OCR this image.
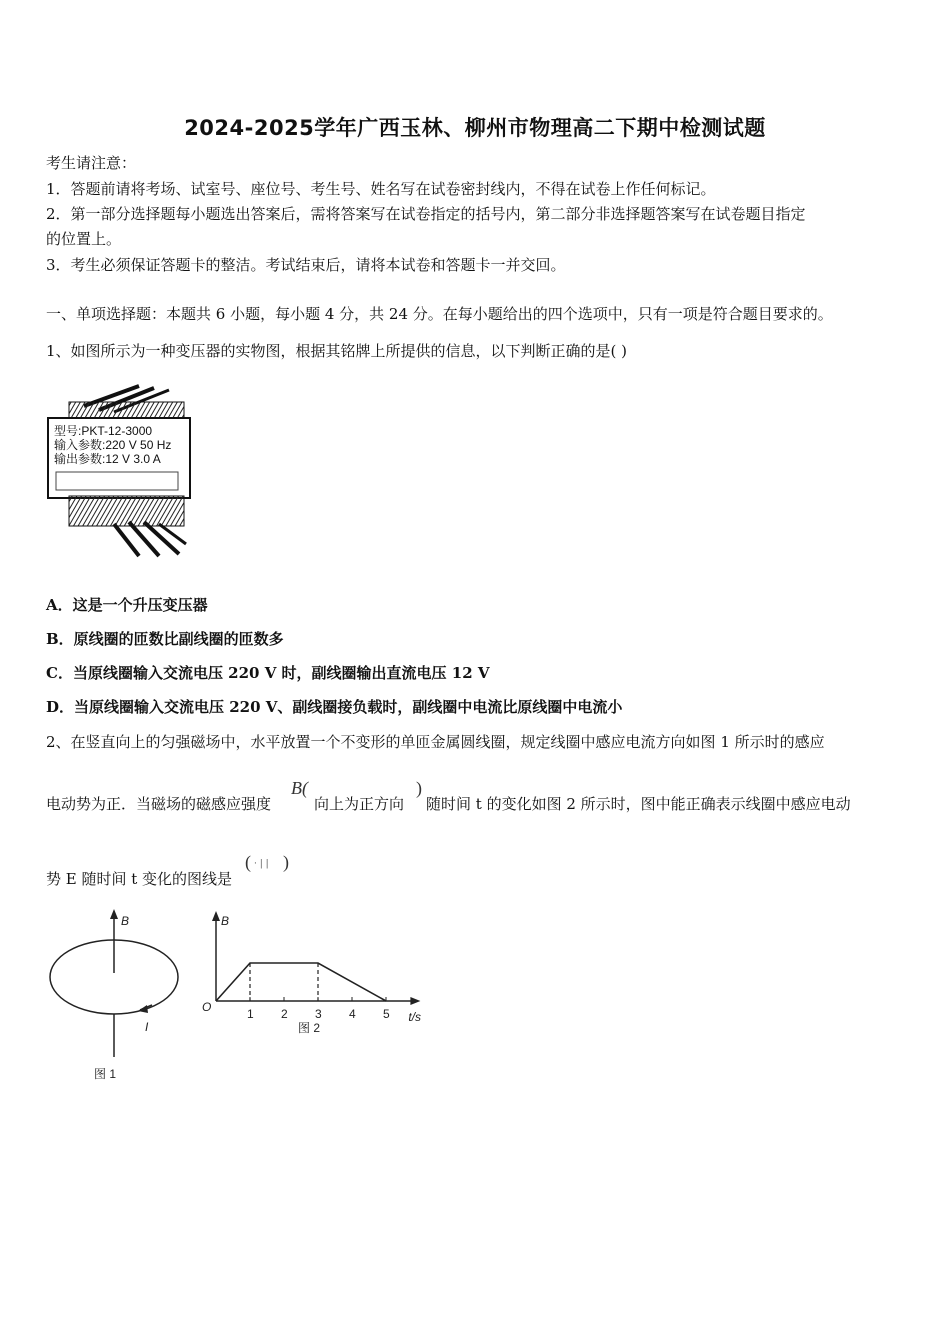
2024-2025学年广西玉林、柳州市物理高二下期中检测试题
考生请注意：
1．答题前请将考场、试室号、座位号、考生号、姓名写在试卷密封线内，不得在试卷上作任何标记。
2．第一部分选择题每小题选出答案后，需将答案写在试卷指定的括号内，第二部分非选择题答案写在试卷题目指定
的位置上。
3．考生必须保证答题卡的整洁。考试结束后，请将本试卷和答题卡一并交回。
一、单项选择题：本题共 6 小题，每小题 4 分，共 24 分。在每小题给出的四个选项中，只有一项是符合题目要求的。
1、如图所示为一种变压器的实物图，根据其铭牌上所提供的信息，以下判断正确的是( )
型号:PKT-12-3000
输入参数:220 V 50 Hz
输出参数:12 V 3.0 A
A．这是一个升压变压器
B．原线圈的匝数比副线圈的匝数多
C．当原线圈输入交流电压 220 V 时，副线圈输出直流电压 12 V
D．当原线圈输入交流电压 220 V、副线圈接负载时，副线圈中电流比原线圈中电流小
2、在竖直向上的匀强磁场中，水平放置一个不变形的单匝金属圆线圈，规定线圈中感应电流方向如图 1 所示时的感应
电动势为正．当磁场的磁感应强度
B(
向上为正方向
)
随时间 t 的变化如图 2 所示时，图中能正确表示线圈中感应电动
势 E 随时间 t 变化的图线是
( · | | )
B
I
图 1
B
O
t/s
1 2 3 4 5
图 2
